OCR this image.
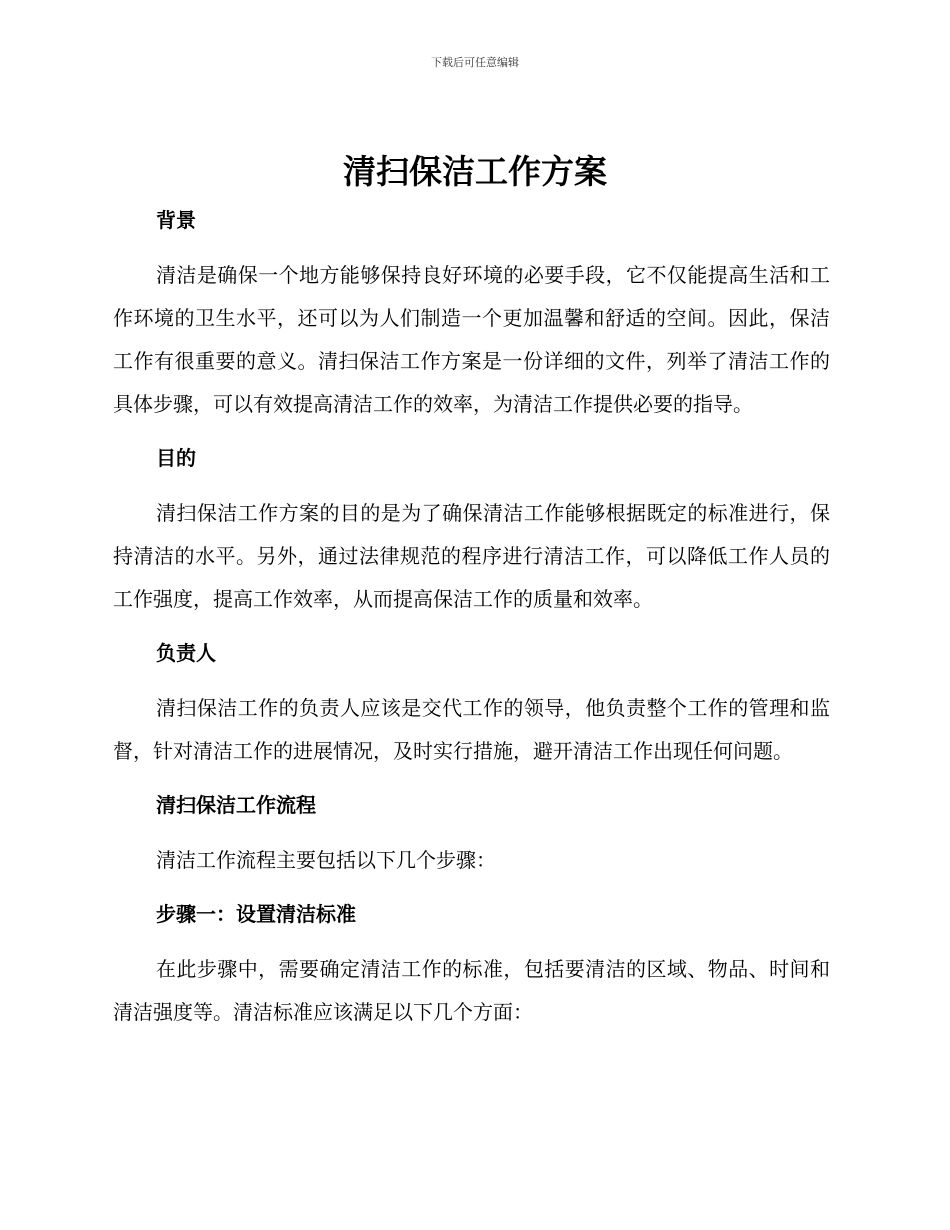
下载后可任意编辑
清扫保洁工作方案
背景

清洁是确保一个地方能够保持良好环境的必要手段，它不仅能提高生活和工作环境的卫生水平，还可以为人们制造一个更加温馨和舒适的空间。因此，保洁工作有很重要的意义。清扫保洁工作方案是一份详细的文件，列举了清洁工作的具体步骤，可以有效提高清洁工作的效率，为清洁工作提供必要的指导。

目的

清扫保洁工作方案的目的是为了确保清洁工作能够根据既定的标准进行，保持清洁的水平。另外，通过法律规范的程序进行清洁工作，可以降低工作人员的工作强度，提高工作效率，从而提高保洁工作的质量和效率。

负责人

清扫保洁工作的负责人应该是交代工作的领导，他负责整个工作的管理和监督，针对清洁工作的进展情况，及时实行措施，避开清洁工作出现任何问题。

清扫保洁工作流程

清洁工作流程主要包括以下几个步骤：

步骤一：设置清洁标准

在此步骤中，需要确定清洁工作的标准，包括要清洁的区域、物品、时间和清洁强度等。清洁标准应该满足以下几个方面：
